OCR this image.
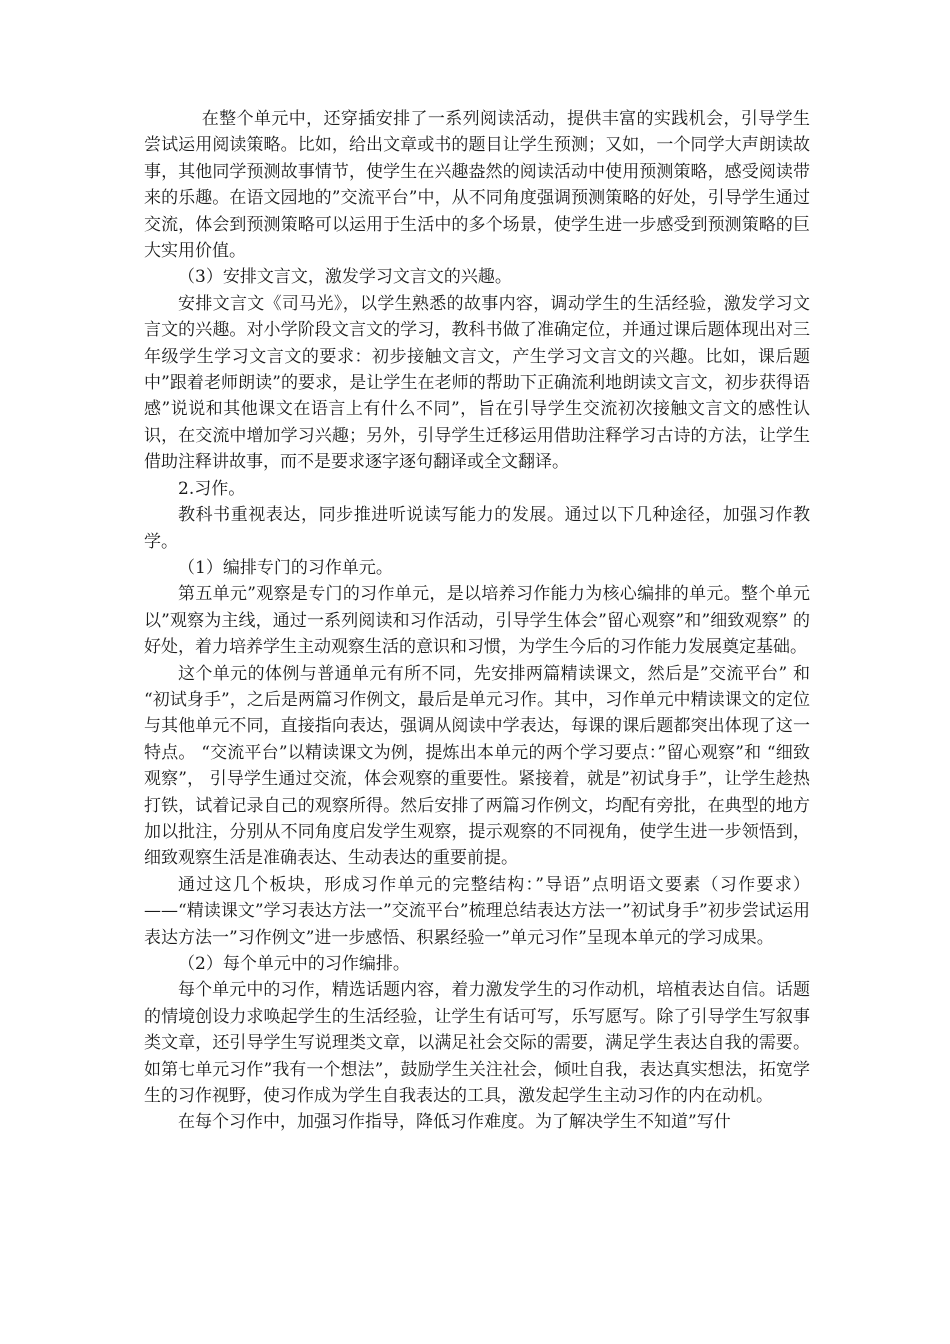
在整个单元中，还穿插安排了一系列阅读活动，提供丰富的实践机会，引导学生尝试运用阅读策略。比如，给出文章或书的题目让学生预测；又如，一个同学大声朗读故事，其他同学预测故事情节，使学生在兴趣盎然的阅读活动中使用预测策略，感受阅读带来的乐趣。在语文园地的”交流平台”中，从不同角度强调预测策略的好处，引导学生通过交流，体会到预测策略可以运用于生活中的多个场景，使学生进一步感受到预测策略的巨大实用价值。

（3）安排文言文，激发学习文言文的兴趣。

安排文言文《司马光》，以学生熟悉的故事内容，调动学生的生活经验，激发学习文言文的兴趣。对小学阶段文言文的学习，教科书做了准确定位，并通过课后题体现出对三年级学生学习文言文的要求：初步接触文言文，产生学习文言文的兴趣。比如，课后题中”跟着老师朗读”的要求，是让学生在老师的帮助下正确流利地朗读文言文，初步获得语感”说说和其他课文在语言上有什么不同”，旨在引导学生交流初次接触文言文的感性认识，在交流中增加学习兴趣；另外，引导学生迁移运用借助注释学习古诗的方法，让学生借助注释讲故事，而不是要求逐字逐句翻译或全文翻译。

2.习作。

教科书重视表达，同步推进听说读写能力的发展。通过以下几种途径，加强习作教学。

（1）编排专门的习作单元。

第五单元”观察是专门的习作单元，是以培养习作能力为核心编排的单元。整个单元以”观察为主线，通过一系列阅读和习作活动，引导学生体会”留心观察”和”细致观察” 的好处，着力培养学生主动观察生活的意识和习惯，为学生今后的习作能力发展奠定基础。

这个单元的体例与普通单元有所不同，先安排两篇精读课文，然后是”交流平台” 和 “初试身手”，之后是两篇习作例文，最后是单元习作。其中，习作单元中精读课文的定位与其他单元不同，直接指向表达，强调从阅读中学表达，每课的课后题都突出体现了这一特点。 “交流平台”以精读课文为例，提炼出本单元的两个学习要点：”留心观察”和 “细致观察”， 引导学生通过交流，体会观察的重要性。紧接着，就是”初试身手”，让学生趁热打铁，试着记录自己的观察所得。然后安排了两篇习作例文，均配有旁批，在典型的地方加以批注，分别从不同角度启发学生观察，提示观察的不同视角，使学生进一步领悟到，细致观察生活是准确表达、生动表达的重要前提。

通过这几个板块，形成习作单元的完整结构：”导语”点明语文要素（习作要求）——“精读课文”学习表达方法一”交流平台”梳理总结表达方法一”初试身手”初步尝试运用表达方法一”习作例文”进一步感悟、积累经验一”单元习作”呈现本单元的学习成果。

（2）每个单元中的习作编排。

每个单元中的习作，精选话题内容，着力激发学生的习作动机，培植表达自信。话题的情境创设力求唤起学生的生活经验，让学生有话可写，乐写愿写。除了引导学生写叙事类文章，还引导学生写说理类文章，以满足社会交际的需要，满足学生表达自我的需要。如第七单元习作”我有一个想法”，鼓励学生关注社会，倾吐自我，表达真实想法，拓宽学生的习作视野，使习作成为学生自我表达的工具，激发起学生主动习作的内在动机。

在每个习作中，加强习作指导，降低习作难度。为了解决学生不知道”写什
